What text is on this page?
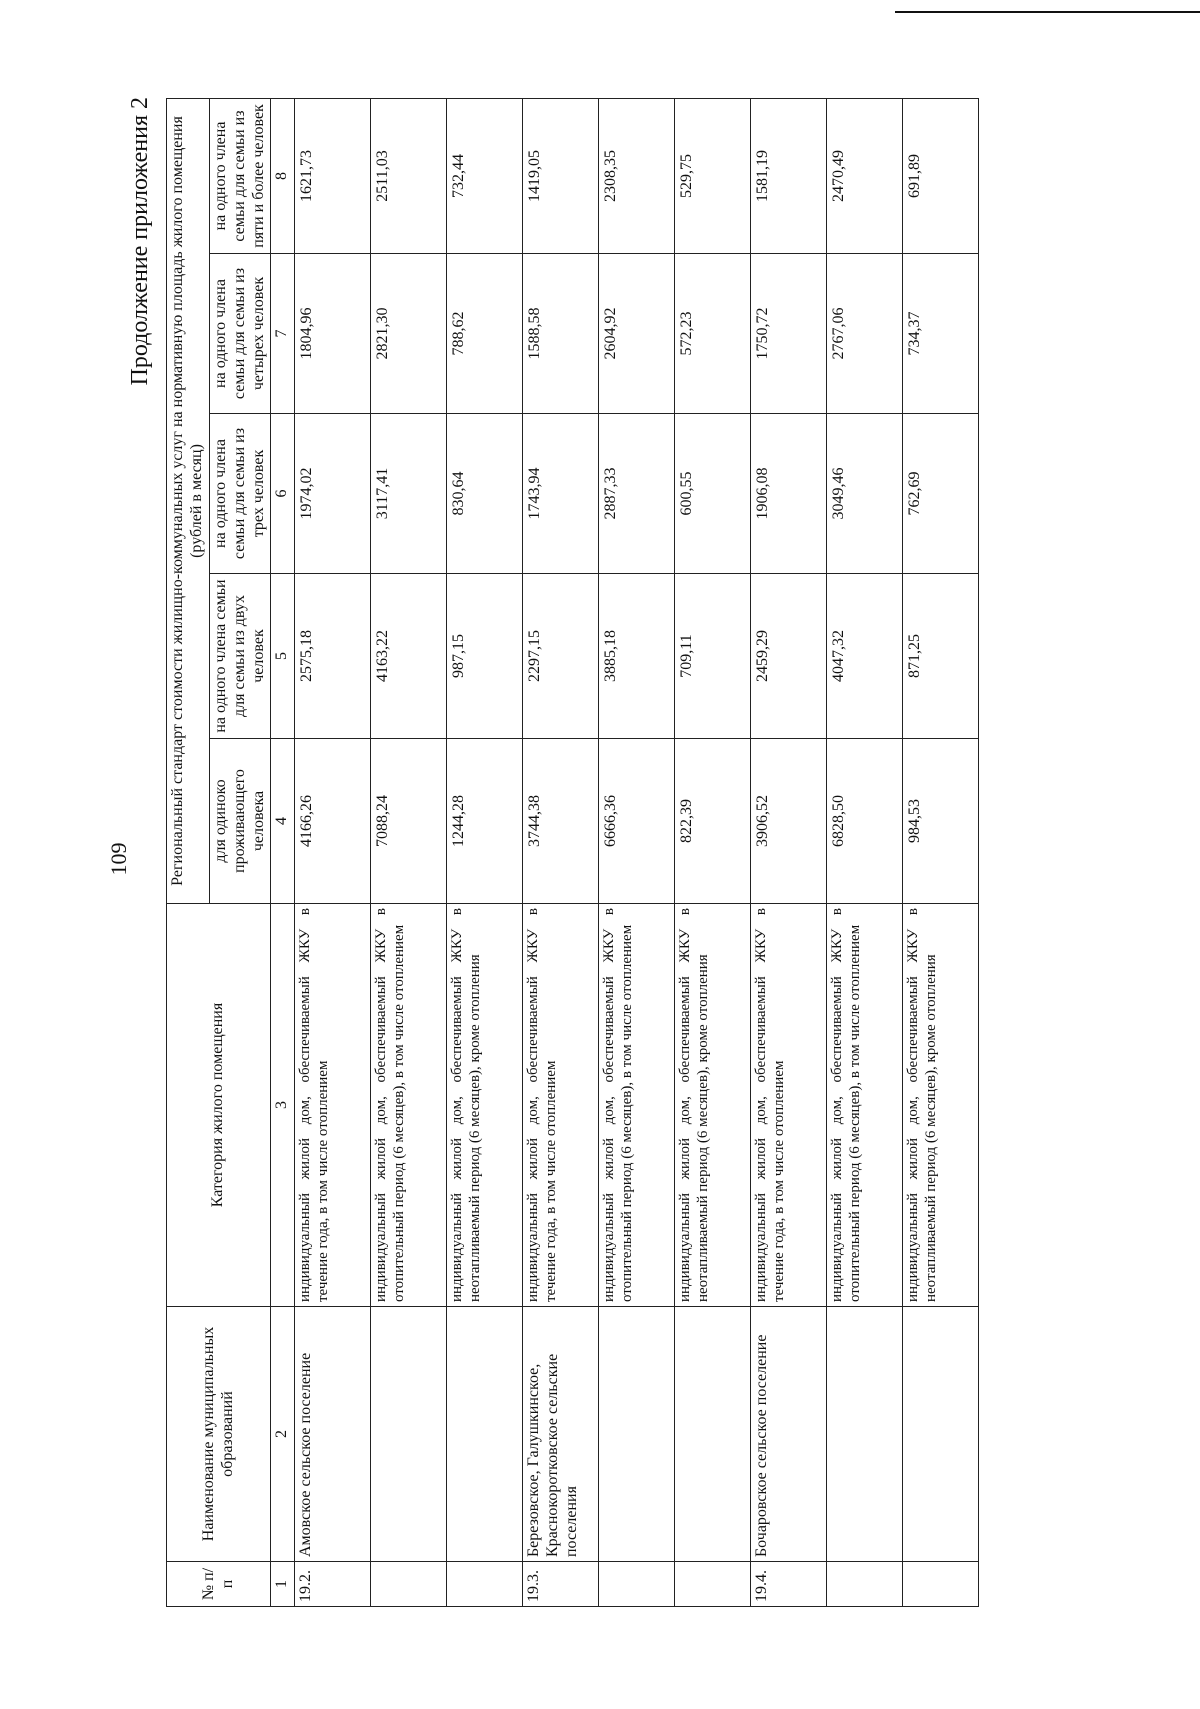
109
Продолжение приложения 2
№ п/п	Наименование муниципальных образований	Категория жилого помещения	Региональный стандарт стоимости жилищно-коммунальных услуг на нормативную площадь жилого помещения (рублей в месяц)				
			для одиноко проживающего человека	на одного члена семьи для семьи из двух человек	на одного члена семьи для семьи из трех человек	на одного члена семьи для семьи из четырех человек	на одного члена семьи для семьи из пяти и более человек
1	2	3	4	5	6	7	8
19.2.	Амовское сельское поселение	индивидуальный жилой дом, обеспечиваемый ЖКУ в течение года, в том числе отоплением	4166,26	2575,18	1974,02	1804,96	1621,73
		индивидуальный жилой дом, обеспечиваемый ЖКУ в отопительный период (6 месяцев), в том числе отоплением	7088,24	4163,22	3117,41	2821,30	2511,03
		индивидуальный жилой дом, обеспечиваемый ЖКУ в неотапливаемый период (6 месяцев), кроме отопления	1244,28	987,15	830,64	788,62	732,44
19.3.	Березовское, Галушкинское, Краснокоротковское сельские поселения	индивидуальный жилой дом, обеспечиваемый ЖКУ в течение года, в том числе отоплением	3744,38	2297,15	1743,94	1588,58	1419,05
		индивидуальный жилой дом, обеспечиваемый ЖКУ в отопительный период (6 месяцев), в том числе отоплением	6666,36	3885,18	2887,33	2604,92	2308,35
		индивидуальный жилой дом, обеспечиваемый ЖКУ в неотапливаемый период (6 месяцев), кроме отопления	822,39	709,11	600,55	572,23	529,75
19.4.	Бочаровское сельское поселение	индивидуальный жилой дом, обеспечиваемый ЖКУ в течение года, в том числе отоплением	3906,52	2459,29	1906,08	1750,72	1581,19
		индивидуальный жилой дом, обеспечиваемый ЖКУ в отопительный период (6 месяцев), в том числе отоплением	6828,50	4047,32	3049,46	2767,06	2470,49
		индивидуальный жилой дом, обеспечиваемый ЖКУ в неотапливаемый период (6 месяцев), кроме отопления	984,53	871,25	762,69	734,37	691,89
